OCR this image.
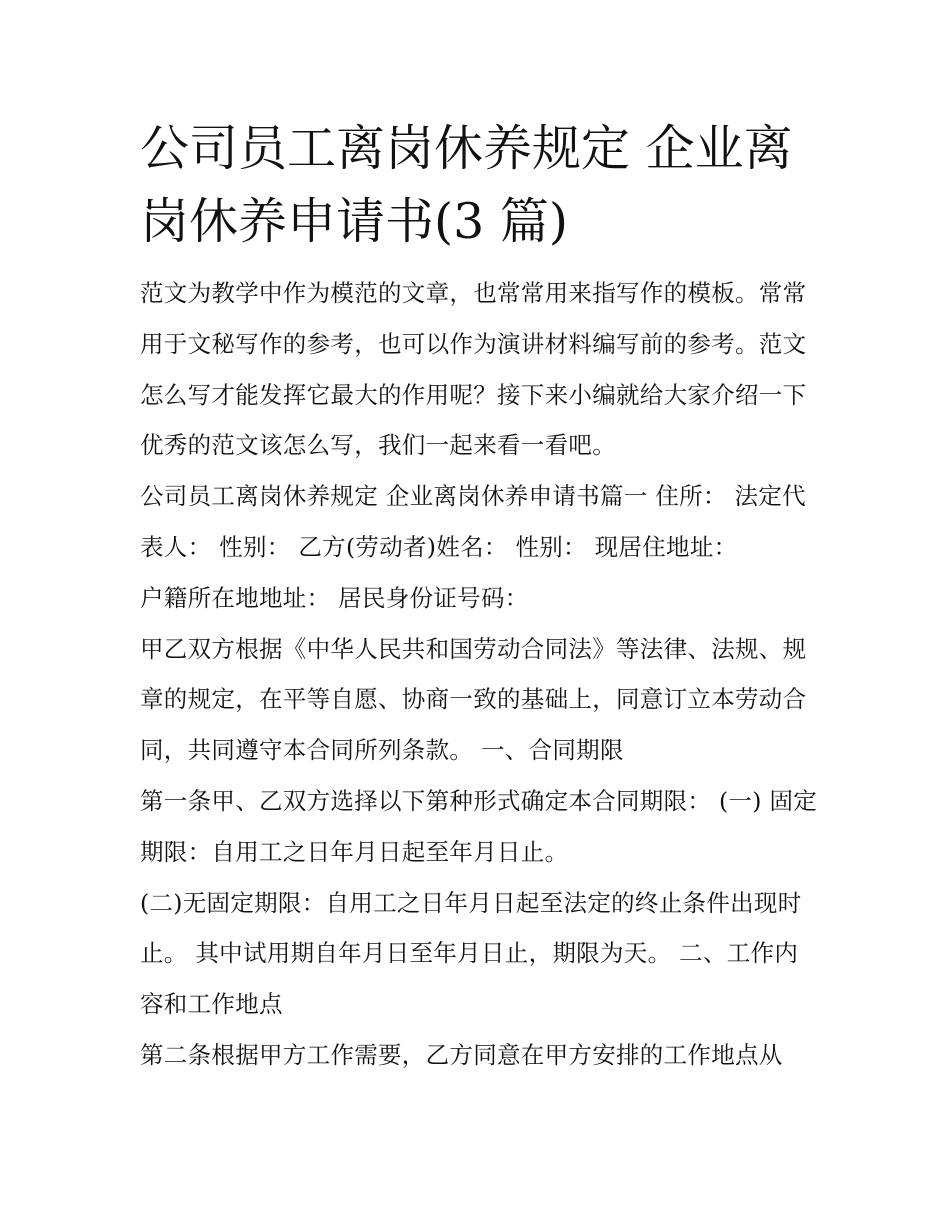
公司员工离岗休养规定 企业离岗休养申请书(3 篇)

范文为教学中作为模范的文章，也常常用来指写作的模板。常常用于文秘写作的参考，也可以作为演讲材料编写前的参考。范文怎么写才能发挥它最大的作用呢？接下来小编就给大家介绍一下优秀的范文该怎么写，我们一起来看一看吧。

公司员工离岗休养规定 企业离岗休养申请书篇一 住所： 法定代表人： 性别： 乙方(劳动者)姓名： 性别： 现居住地址：

户籍所在地地址： 居民身份证号码：

甲乙双方根据《中华人民共和国劳动合同法》等法律、法规、规章的规定，在平等自愿、协商一致的基础上，同意订立本劳动合同，共同遵守本合同所列条款。 一、合同期限

第一条甲、乙双方选择以下第种形式确定本合同期限： (一) 固定期限：自用工之日年月日起至年月日止。

(二)无固定期限：自用工之日年月日起至法定的终止条件出现时止。 其中试用期自年月日至年月日止，期限为天。 二、工作内容和工作地点

第二条根据甲方工作需要，乙方同意在甲方安排的工作地点从
